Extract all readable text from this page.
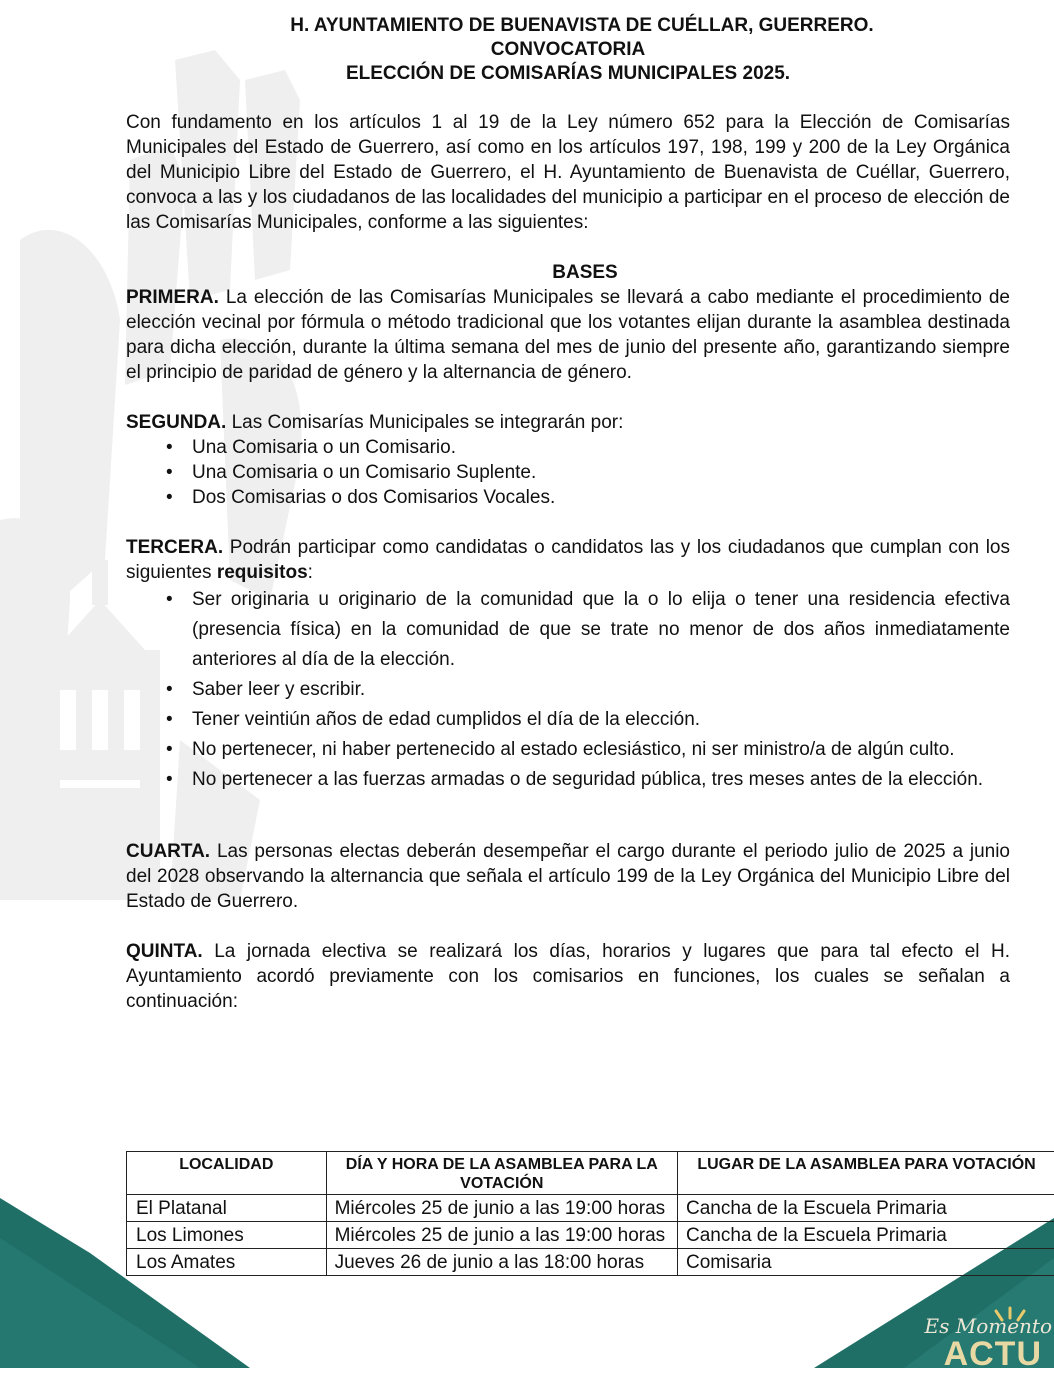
Es Momento
ACTU
H. AYUNTAMIENTO DE BUENAVISTA DE CUÉLLAR, GUERRERO.
CONVOCATORIA
ELECCIÓN DE COMISARÍAS MUNICIPALES 2025.

Con fundamento en los artículos 1 al 19 de la Ley número 652 para la Elección de Comisarías Municipales del Estado de Guerrero, así como en los artículos 197, 198, 199 y 200 de la Ley Orgánica del Municipio Libre del Estado de Guerrero, el H. Ayuntamiento de Buenavista de Cuéllar, Guerrero, convoca a las y los ciudadanos de las localidades del municipio a participar en el proceso de elección de las Comisarías Municipales, conforme a las siguientes:

BASES

PRIMERA. La elección de las Comisarías Municipales se llevará a cabo mediante el procedimiento de elección vecinal por fórmula o método tradicional que los votantes elijan durante la asamblea destinada para dicha elección, durante la última semana del mes de junio del presente año, garantizando siempre el principio de paridad de género y la alternancia de género.

SEGUNDA. Las Comisarías Municipales se integrarán por:

• Una Comisaria o un Comisario.
• Una Comisaria o un Comisario Suplente.
• Dos Comisarias o dos Comisarios Vocales.

TERCERA. Podrán participar como candidatas o candidatos las y los ciudadanos que cumplan con los siguientes requisitos:

• Ser originaria u originario de la comunidad que la o lo elija o tener una residencia efectiva (presencia física) en la comunidad de que se trate no menor de dos años inmediatamente anteriores al día de la elección.
• Saber leer y escribir.
• Tener veintiún años de edad cumplidos el día de la elección.
• No pertenecer, ni haber pertenecido al estado eclesiástico, ni ser ministro/a de algún culto.
• No pertenecer a las fuerzas armadas o de seguridad pública, tres meses antes de la elección.

CUARTA. Las personas electas deberán desempeñar el cargo durante el periodo julio de 2025 a junio del 2028 observando la alternancia que señala el artículo 199 de la Ley Orgánica del Municipio Libre del Estado de Guerrero.

QUINTA. La jornada electiva se realizará los días, horarios y lugares que para tal efecto el H. Ayuntamiento acordó previamente con los comisarios en funciones, los cuales se señalan a continuación:

LOCALIDAD	DÍA Y HORA DE LA ASAMBLEA PARA LA VOTACIÓN	LUGAR DE LA ASAMBLEA PARA VOTACIÓN
El Platanal	Miércoles 25 de junio a las 19:00 horas	Cancha de la Escuela Primaria
Los Limones	Miércoles 25 de junio a las 19:00 horas	Cancha de la Escuela Primaria
Los Amates	Jueves 26 de junio a las 18:00 horas	Comisaria
